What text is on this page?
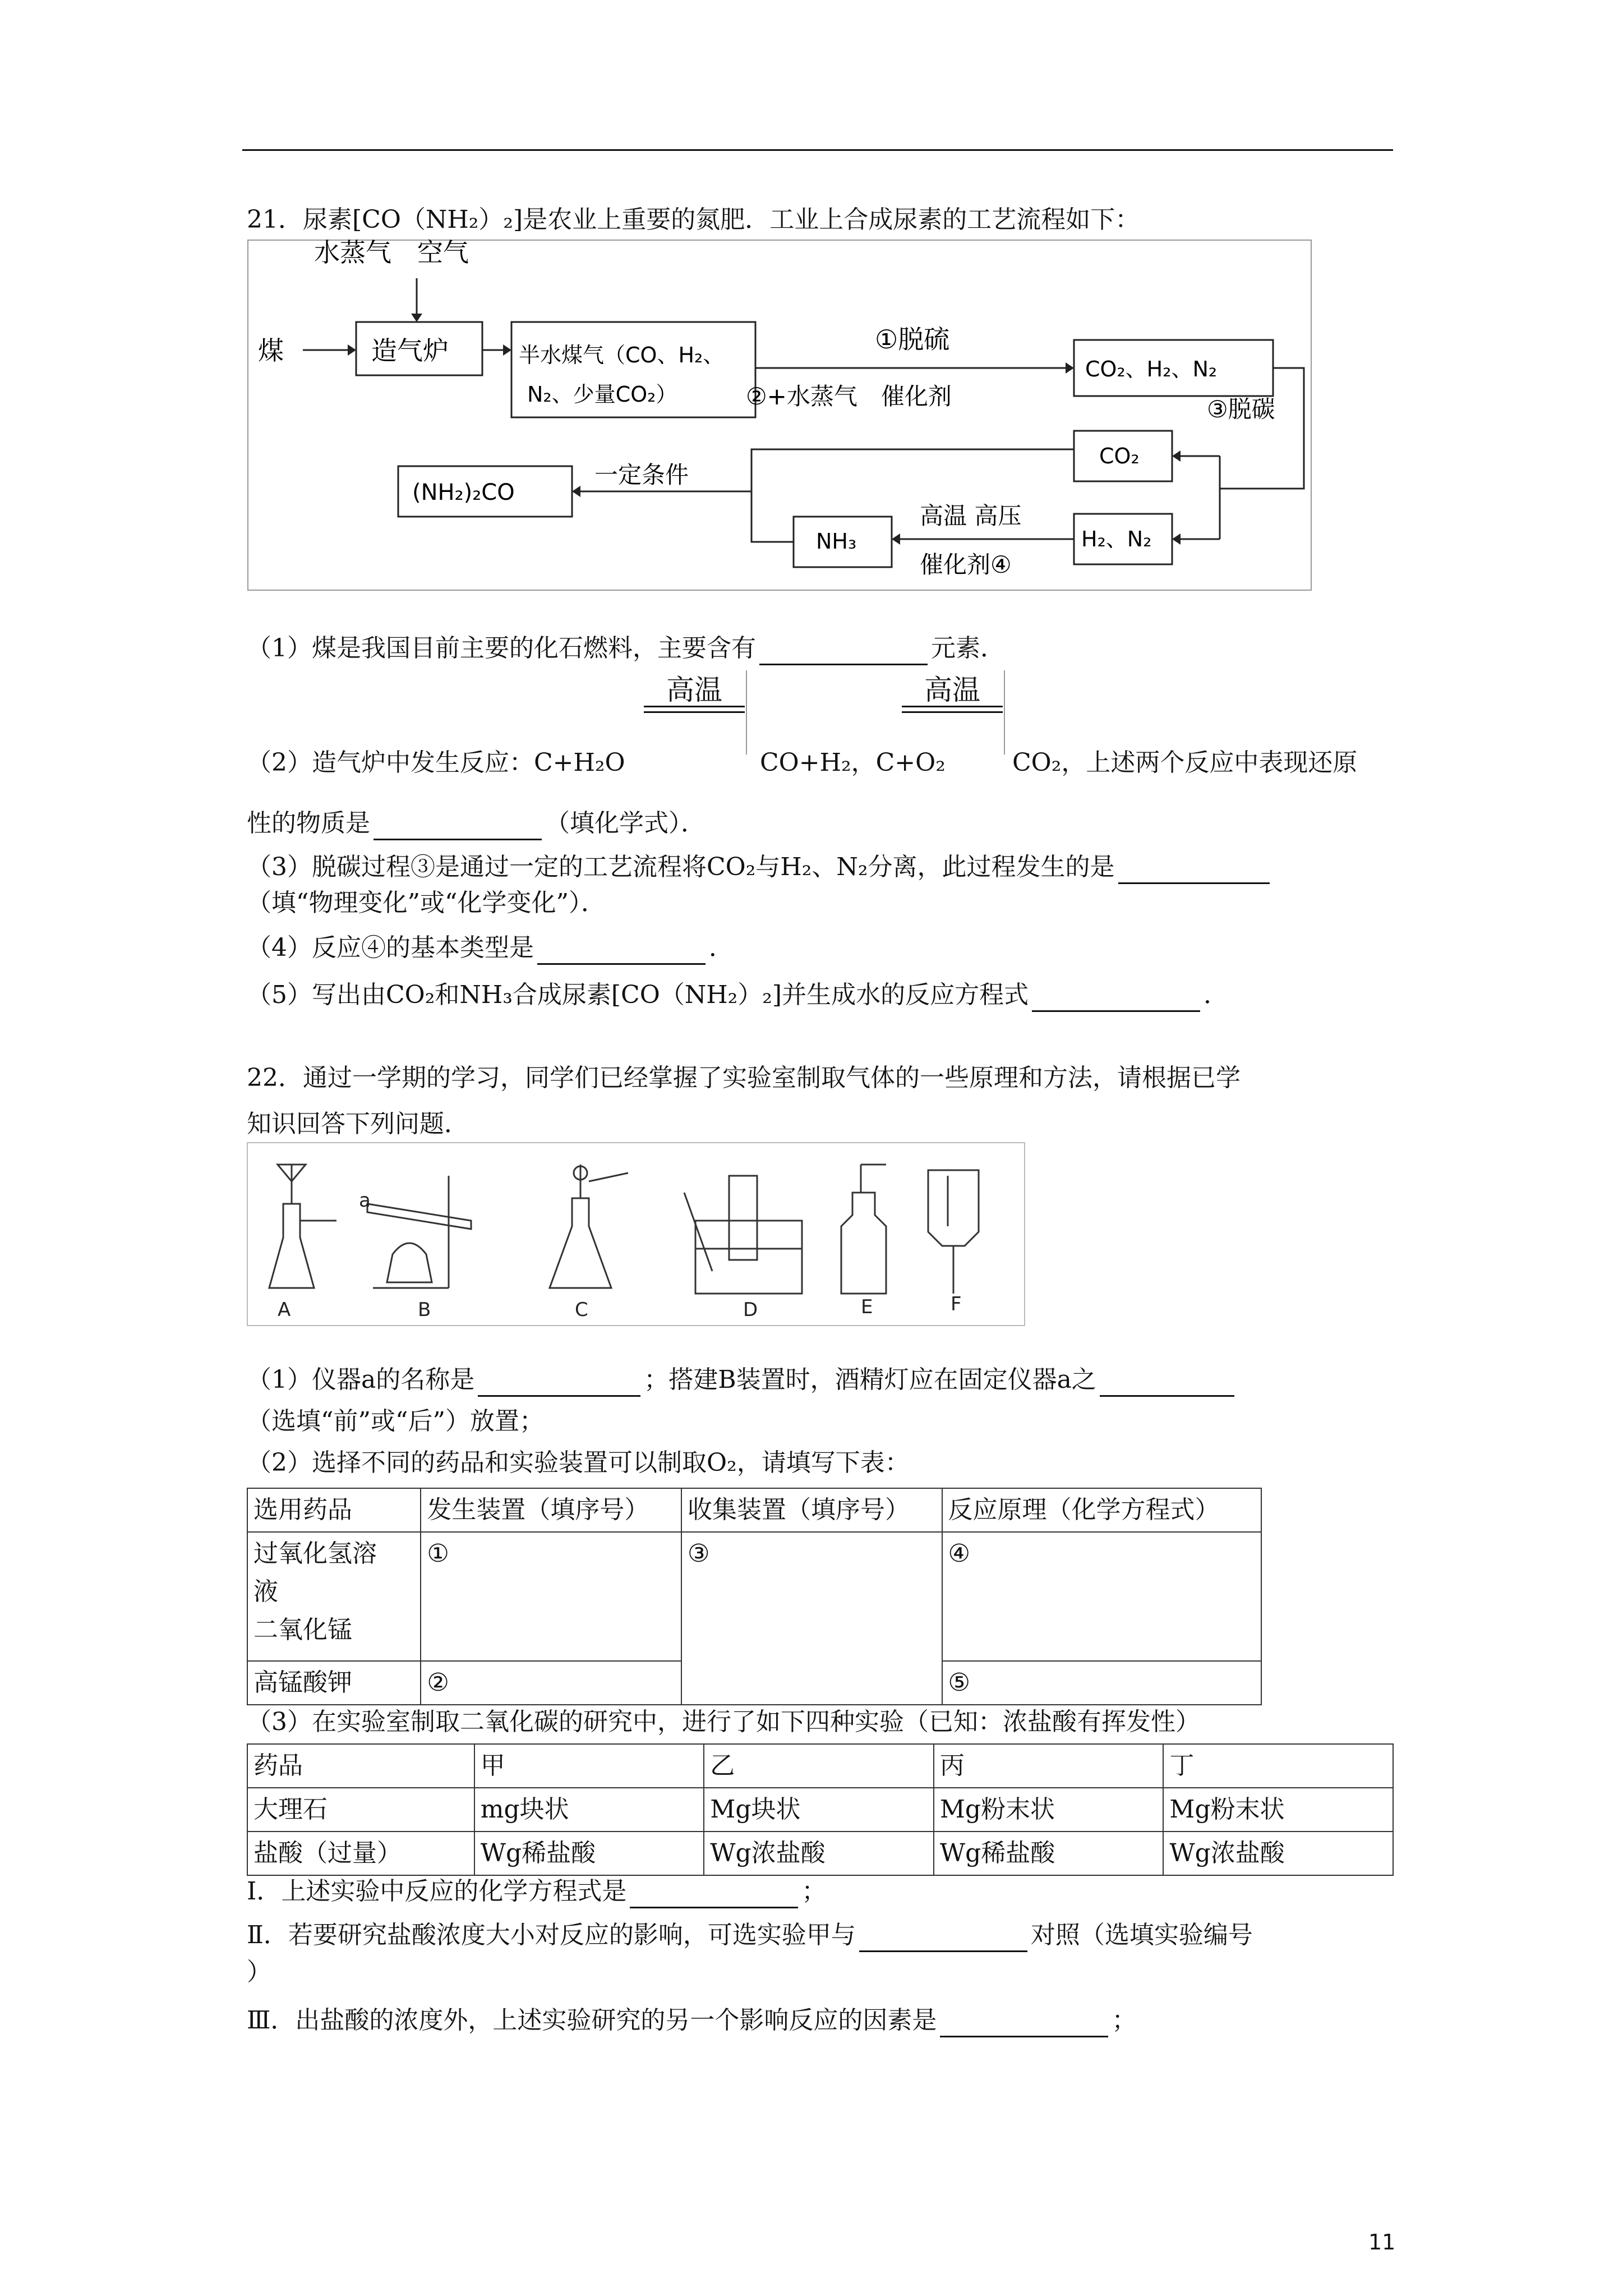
21．尿素[CO（NH₂）₂]是农业上重要的氮肥．工业上合成尿素的工艺流程如下：
水蒸气　空气
煤	造气炉	半水煤气（CO、H₂、
N₂、少量CO₂）
①脱硫
②+水蒸气　催化剂
CO₂、H₂、N₂
③脱碳
CO₂
H₂、N₂
NH₃
高温 高压
催化剂④
一定条件
(NH₂)₂CO
（1）煤是我国目前主要的化石燃料，主要含有	元素．
高温	高温
（2）造气炉中发生反应：C+H₂O	CO+H₂，C+O₂	CO₂，上述两个反应中表现还原
性的物质是	（填化学式）．
（3）脱碳过程③是通过一定的工艺流程将CO₂与H₂、N₂分离，此过程发生的是
（填“物理变化”或“化学变化”）．
（4）反应④的基本类型是	．
（5）写出由CO₂和NH₃合成尿素[CO（NH₂）₂]并生成水的反应方程式	．
22．通过一学期的学习，同学们已经掌握了实验室制取气体的一些原理和方法，请根据已学
知识回答下列问题．
a
A	B	C	D	E	F
（1）仪器a的名称是	；搭建B装置时，酒精灯应在固定仪器a之
（选填“前”或“后”）放置；
（2）选择不同的药品和实验装置可以制取O₂，请填写下表：
选用药品	发生装置（填序号）	收集装置（填序号）	反应原理（化学方程式）

过氧化氢溶
液
二氧化锰	①	③	④
高锰酸钾	②		⑤
（3）在实验室制取二氧化碳的研究中，进行了如下四种实验（已知：浓盐酸有挥发性）
药品	甲	乙	丙	丁
大理石	mg块状	Mg块状	Mg粉末状	Mg粉末状
盐酸（过量）	Wg稀盐酸	Wg浓盐酸	Wg稀盐酸	Wg浓盐酸
Ⅰ．上述实验中反应的化学方程式是	；
Ⅱ．若要研究盐酸浓度大小对反应的影响，可选实验甲与	对照（选填实验编号
）
Ⅲ．出盐酸的浓度外，上述实验研究的另一个影响反应的因素是	；
11
